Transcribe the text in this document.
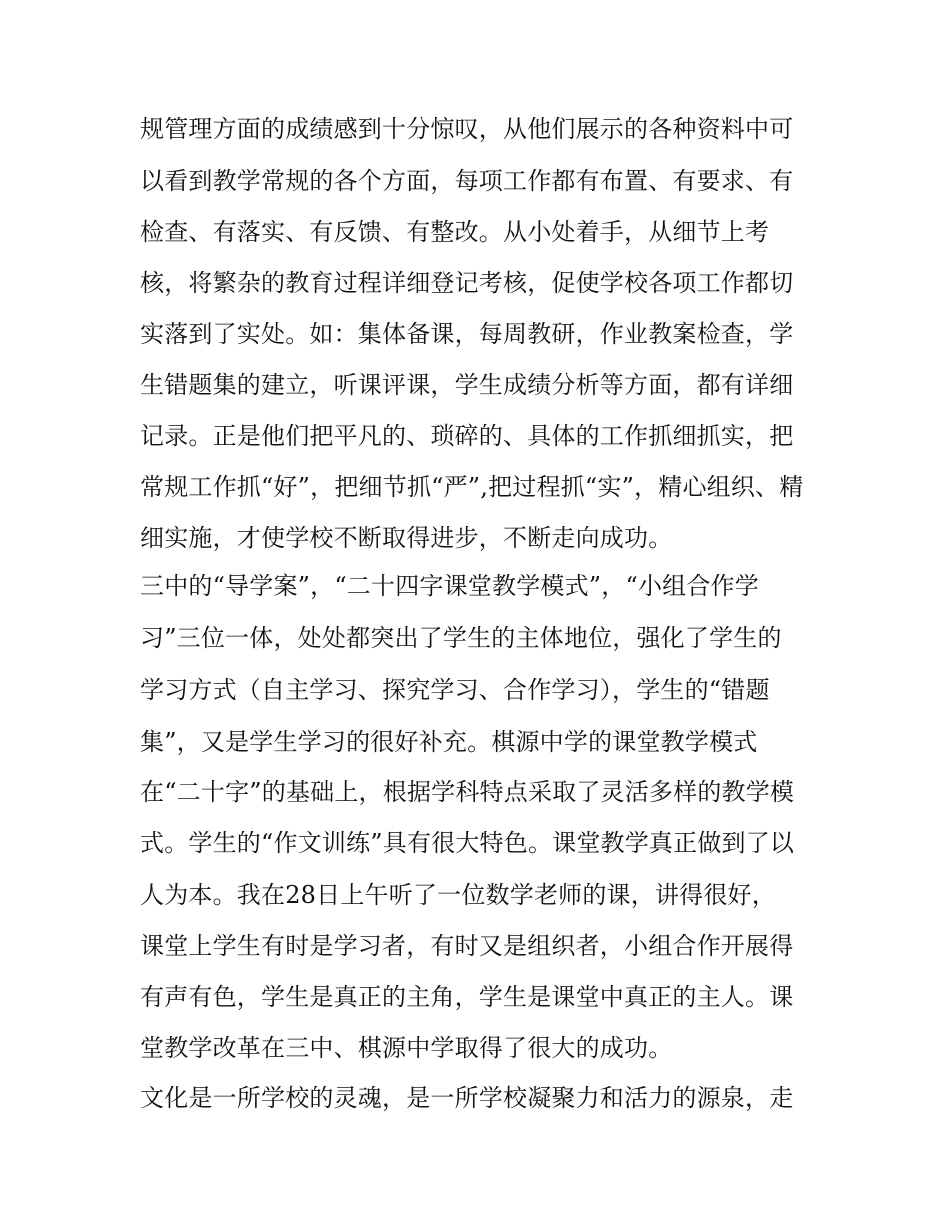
规管理方面的成绩感到十分惊叹，从他们展示的各种资料中可
以看到教学常规的各个方面，每项工作都有布置、有要求、有
检查、有落实、有反馈、有整改。从小处着手，从细节上考
核，将繁杂的教育过程详细登记考核，促使学校各项工作都切
实落到了实处。如：集体备课，每周教研，作业教案检查，学
生错题集的建立，听课评课，学生成绩分析等方面，都有详细
记录。正是他们把平凡的、琐碎的、具体的工作抓细抓实，把
常规工作抓“好”，把细节抓“严”,把过程抓“实”，精心组织、精
细实施，才使学校不断取得进步，不断走向成功。
三中的“导学案”，“二十四字课堂教学模式”，“小组合作学
习”三位一体，处处都突出了学生的主体地位，强化了学生的
学习方式（自主学习、探究学习、合作学习），学生的“错题
集”，又是学生学习的很好补充。棋源中学的课堂教学模式
在“二十字”的基础上，根据学科特点采取了灵活多样的教学模
式。学生的“作文训练”具有很大特色。课堂教学真正做到了以
人为本。我在28日上午听了一位数学老师的课，讲得很好，
课堂上学生有时是学习者，有时又是组织者，小组合作开展得
有声有色，学生是真正的主角，学生是课堂中真正的主人。课
堂教学改革在三中、棋源中学取得了很大的成功。
文化是一所学校的灵魂，是一所学校凝聚力和活力的源泉，走
